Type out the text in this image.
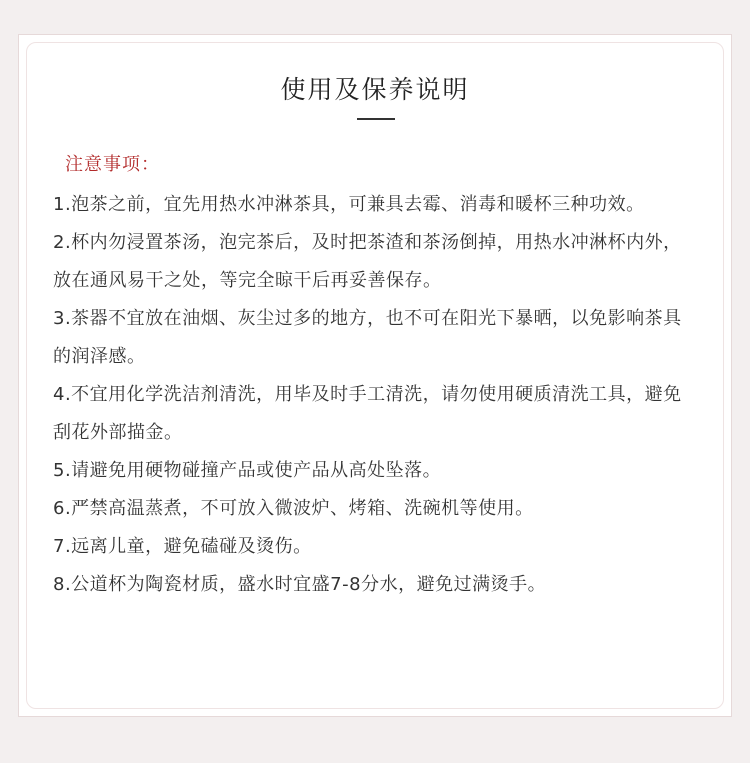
使用及保养说明
注意事项：

1.泡茶之前，宜先用热水冲淋茶具，可兼具去霉、消毒和暖杯三种功效。

2.杯内勿浸置茶汤，泡完茶后，及时把茶渣和茶汤倒掉，用热水冲淋杯内外，放在通风易干之处，等完全晾干后再妥善保存。

3.茶器不宜放在油烟、灰尘过多的地方，也不可在阳光下暴晒，以免影响茶具的润泽感。

4.不宜用化学洗洁剂清洗，用毕及时手工清洗，请勿使用硬质清洗工具，避免刮花外部描金。

5.请避免用硬物碰撞产品或使产品从高处坠落。

6.严禁高温蒸煮，不可放入微波炉、烤箱、洗碗机等使用。

7.远离儿童，避免磕碰及烫伤。

8.公道杯为陶瓷材质，盛水时宜盛7-8分水，避免过满烫手。
